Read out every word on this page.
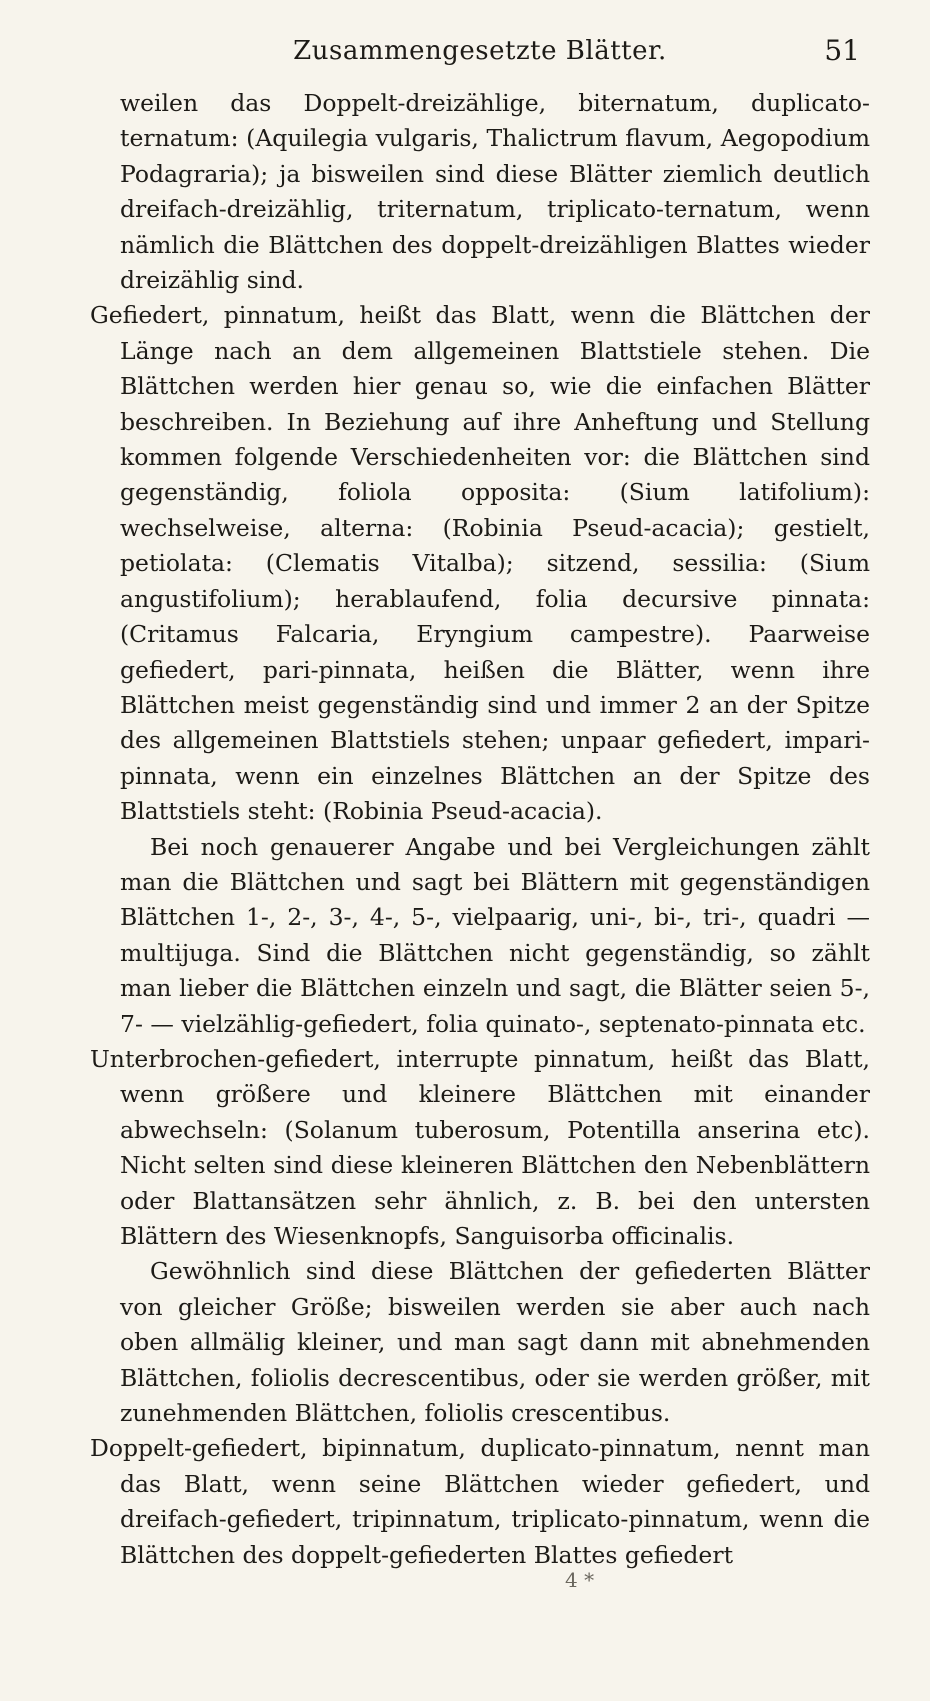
Zusammengesetzte Blätter.	51

weilen das Doppelt-dreizählige, biternatum, duplicato-ternatum: (Aquilegia vulgaris, Thalictrum flavum, Aegopodium Podagraria); ja bisweilen sind diese Blätter ziemlich deutlich dreifach-dreizählig, triternatum, triplicato-ternatum, wenn nämlich die Blättchen des doppelt-dreizähligen Blattes wieder dreizählig sind.

Gefiedert, pinnatum, heißt das Blatt, wenn die Blättchen der Länge nach an dem allgemeinen Blattstiele stehen. Die Blättchen werden hier genau so, wie die einfachen Blätter beschreiben. In Beziehung auf ihre Anheftung und Stellung kommen folgende Verschiedenheiten vor: die Blättchen sind gegenständig, foliola opposita: (Sium latifolium): wechselweise, alterna: (Robinia Pseud-acacia); gestielt, petiolata: (Clematis Vitalba); sitzend, sessilia: (Sium angustifolium); herablaufend, folia decursive pinnata: (Critamus Falcaria, Eryngium campestre). Paarweise gefiedert, pari-pinnata, heißen die Blätter, wenn ihre Blättchen meist gegenständig sind und immer 2 an der Spitze des allgemeinen Blattstiels stehen; unpaar gefiedert, impari-pinnata, wenn ein einzelnes Blättchen an der Spitze des Blattstiels steht: (Robinia Pseud-acacia).

Bei noch genauerer Angabe und bei Vergleichungen zählt man die Blättchen und sagt bei Blättern mit gegenständigen Blättchen 1-, 2-, 3-, 4-, 5-, vielpaarig, uni-, bi-, tri-, quadri — multijuga. Sind die Blättchen nicht gegenständig, so zählt man lieber die Blättchen einzeln und sagt, die Blätter seien 5-, 7- — vielzählig-gefiedert, folia quinato-, septenato-pinnata etc.

Unterbrochen-gefiedert, interrupte pinnatum, heißt das Blatt, wenn größere und kleinere Blättchen mit einander abwechseln: (Solanum tuberosum, Potentilla anserina etc). Nicht selten sind diese kleineren Blättchen den Nebenblättern oder Blattansätzen sehr ähnlich, z. B. bei den untersten Blättern des Wiesenknopfs, Sanguisorba officinalis.

Gewöhnlich sind diese Blättchen der gefiederten Blätter von gleicher Größe; bisweilen werden sie aber auch nach oben allmälig kleiner, und man sagt dann mit abnehmenden Blättchen, foliolis decrescentibus, oder sie werden größer, mit zunehmenden Blättchen, foliolis crescentibus.

Doppelt-gefiedert, bipinnatum, duplicato-pinnatum, nennt man das Blatt, wenn seine Blättchen wieder gefiedert, und dreifach-gefiedert, tripinnatum, triplicato-pinnatum, wenn die Blättchen des doppelt-gefiederten Blattes gefiedert

4 *
